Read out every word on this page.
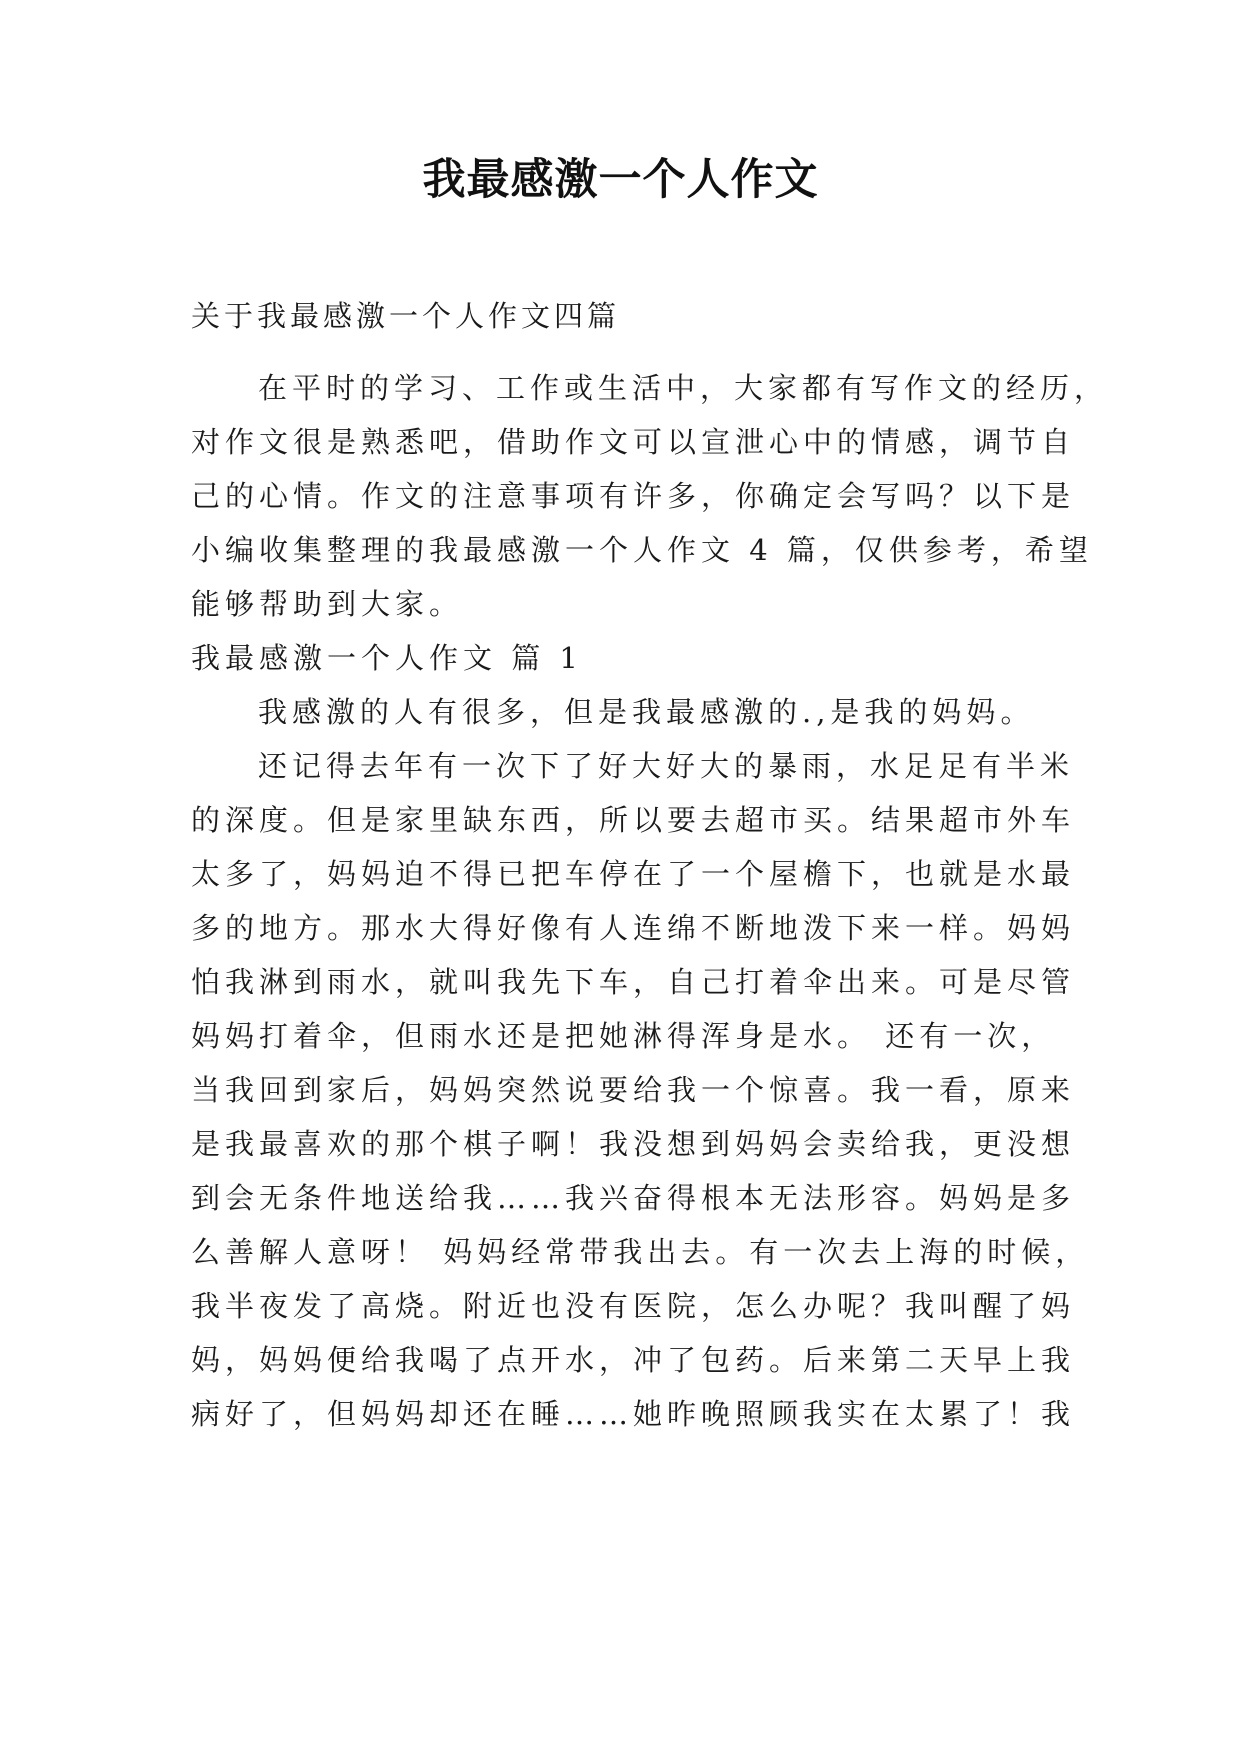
我最感激一个人作文
关于我最感激一个人作文四篇
在平时的学习、工作或生活中，大家都有写作文的经历，
对作文很是熟悉吧，借助作文可以宣泄心中的情感，调节自
己的心情。作文的注意事项有许多，你确定会写吗？以下是
小编收集整理的我最感激一个人作文 4 篇，仅供参考，希望
能够帮助到大家。
我最感激一个人作文 篇 1
我感激的人有很多，但是我最感激的.,是我的妈妈。
还记得去年有一次下了好大好大的暴雨，水足足有半米
的深度。但是家里缺东西，所以要去超市买。结果超市外车
太多了，妈妈迫不得已把车停在了一个屋檐下，也就是水最
多的地方。那水大得好像有人连绵不断地泼下来一样。妈妈
怕我淋到雨水，就叫我先下车，自己打着伞出来。可是尽管
妈妈打着伞，但雨水还是把她淋得浑身是水。 还有一次，
当我回到家后，妈妈突然说要给我一个惊喜。我一看，原来
是我最喜欢的那个棋子啊！我没想到妈妈会卖给我，更没想
到会无条件地送给我……我兴奋得根本无法形容。妈妈是多
么善解人意呀！ 妈妈经常带我出去。有一次去上海的时候，
我半夜发了高烧。附近也没有医院，怎么办呢？我叫醒了妈
妈，妈妈便给我喝了点开水，冲了包药。后来第二天早上我
病好了，但妈妈却还在睡……她昨晚照顾我实在太累了！我
